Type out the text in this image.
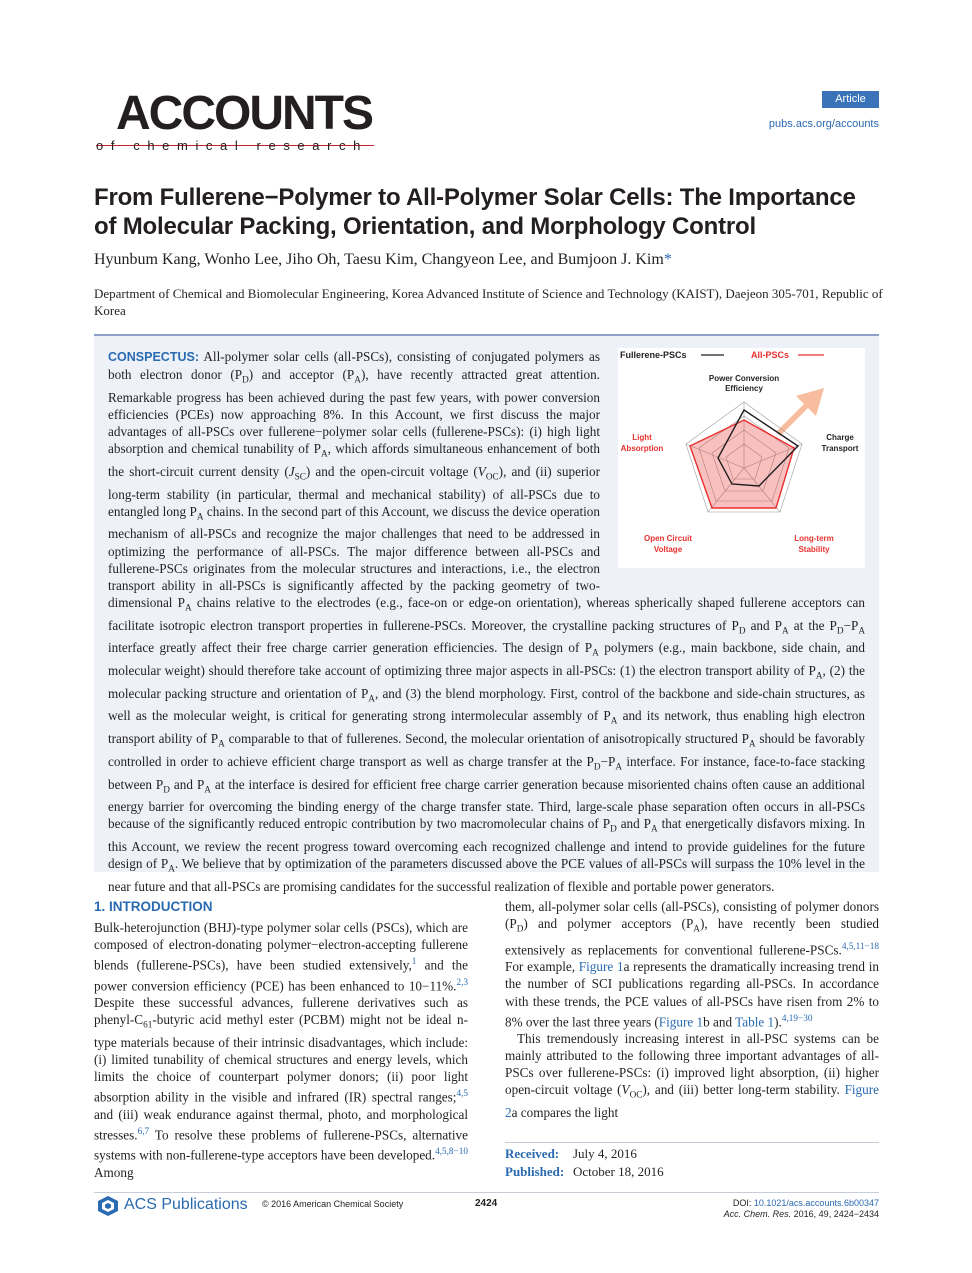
ACCOUNTS
of chemical research
Article
pubs.acs.org/accounts
From Fullerene−Polymer to All-Polymer Solar Cells: The Importance of Molecular Packing, Orientation, and Morphology Control
Hyunbum Kang, Wonho Lee, Jiho Oh, Taesu Kim, Changyeon Lee, and Bumjoon J. Kim*
Department of Chemical and Biomolecular Engineering, Korea Advanced Institute of Science and Technology (KAIST), Daejeon 305-701, Republic of Korea
Fullerene-PSCs	All-PSCs
Power Conversion
Efficiency
Charge
Transport
Long-term
Stability
Open Circuit
Voltage
Light
Absorption
CONSPECTUS: All-polymer solar cells (all-PSCs), consisting of conjugated polymers as both electron donor $(P_D)$ and acceptor $(P_A)$, have recently attracted great attention. Remarkable progress has been achieved during the past few years, with power conversion efficiencies (PCEs) now approaching 8%. In this Account, we first discuss the major advantages of all-PSCs over fullerene−polymer solar cells (fullerene-PSCs): (i) high light absorption and chemical tunability of $P_A$, which affords simultaneous enhancement of both the short-circuit current density $(J_{SC})$ and the open-circuit voltage $(V_{OC})$, and (ii) superior long-term stability (in particular, thermal and mechanical stability) of all-PSCs due to entangled long $P_A$ chains. In the second part of this Account, we discuss the device operation mechanism of all-PSCs and recognize the major challenges that need to be addressed in optimizing the performance of all-PSCs. The major difference between all-PSCs and fullerene-PSCs originates from the molecular structures and interactions, i.e., the electron transport ability in all-PSCs is significantly affected by the packing geometry of two-dimensional $P_A$ chains relative to the electrodes (e.g., face-on or edge-on orientation), whereas spherically shaped fullerene acceptors can facilitate isotropic electron transport properties in fullerene-PSCs. Moreover, the crystalline packing structures of $P_D$ and $P_A$ at the $P_D-P_A$ interface greatly affect their free charge carrier generation efficiencies. The design of $P_A$ polymers (e.g., main backbone, side chain, and molecular weight) should therefore take account of optimizing three major aspects in all-PSCs: (1) the electron transport ability of $P_A$, (2) the molecular packing structure and orientation of $P_A$, and (3) the blend morphology. First, control of the backbone and side-chain structures, as well as the molecular weight, is critical for generating strong intermolecular assembly of $P_A$ and its network, thus enabling high electron transport ability of $P_A$ comparable to that of fullerenes. Second, the molecular orientation of anisotropically structured $P_A$ should be favorably controlled in order to achieve efficient charge transport as well as charge transfer at the $P_D-P_A$ interface. For instance, face-to-face stacking between $P_D$ and $P_A$ at the interface is desired for efficient free charge carrier generation because misoriented chains often cause an additional energy barrier for overcoming the binding energy of the charge transfer state. Third, large-scale phase separation often occurs in all-PSCs because of the significantly reduced entropic contribution by two macromolecular chains of $P_D$ and $P_A$ that energetically disfavors mixing. In this Account, we review the recent progress toward overcoming each recognized challenge and intend to provide guidelines for the future design of $P_A$. We believe that by optimization of the parameters discussed above the PCE values of all-PSCs will surpass the 10% level in the near future and that all-PSCs are promising candidates for the successful realization of flexible and portable power generators.
1. INTRODUCTION
Bulk-heterojunction (BHJ)-type polymer solar cells (PSCs), which are composed of electron-donating polymer−electron-accepting fullerene blends (fullerene-PSCs), have been studied extensively,$^1$ and the power conversion efficiency (PCE) has been enhanced to 10−11%.$^{2,3}$ Despite these successful advances, fullerene derivatives such as phenyl-$C_{61}$-butyric acid methyl ester (PCBM) might not be ideal n-type materials because of their intrinsic disadvantages, which include: (i) limited tunability of chemical structures and energy levels, which limits the choice of counterpart polymer donors; (ii) poor light absorption ability in the visible and infrared (IR) spectral ranges;$^{4,5}$ and (iii) weak endurance against thermal, photo, and morphological stresses.$^{6,7}$ To resolve these problems of fullerene-PSCs, alternative systems with non-fullerene-type acceptors have been developed.$^{4,5,8-10}$ Among
them, all-polymer solar cells (all-PSCs), consisting of polymer donors $(P_D)$ and polymer acceptors $(P_A)$, have recently been studied extensively as replacements for conventional fullerene-PSCs.$^{4,5,11-18}$ For example, Figure 1a represents the dramatically increasing trend in the number of SCI publications regarding all-PSCs. In accordance with these trends, the PCE values of all-PSCs have risen from 2% to 8% over the last three years (Figure 1b and Table 1).$^{4,19-30}$
This tremendously increasing interest in all-PSC systems can be mainly attributed to the following three important advantages of all-PSCs over fullerene-PSCs: (i) improved light absorption, (ii) higher open-circuit voltage $(V_{OC})$, and (iii) better long-term stability. Figure 2a compares the light
Received: July 4, 2016
Published: October 18, 2016
ACS Publications © 2016 American Chemical Society	2424	DOI: 10.1021/acs.accounts.6b00347
Acc. Chem. Res. 2016, 49, 2424−2434
